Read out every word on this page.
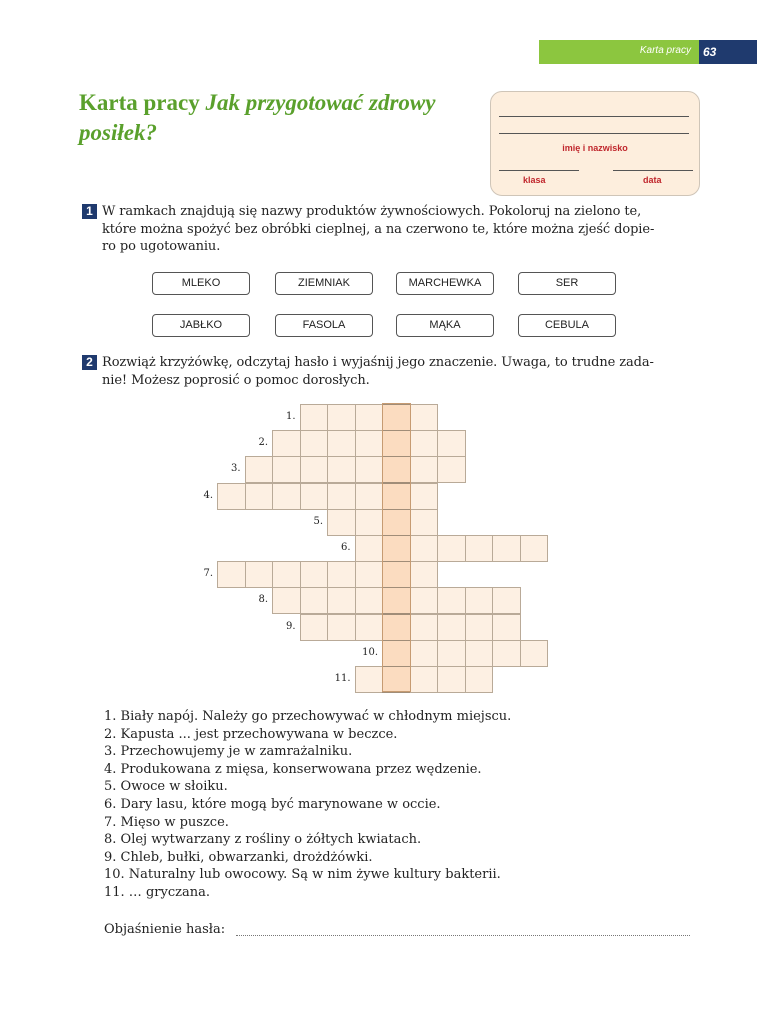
Karta pracy	63
Karta pracy Jak przygotować zdrowy posiłek?
imię i nazwisko
klasa	data
1 W ramkach znajdują się nazwy produktów żywnościowych. Pokoloruj na zielono te,
które można spożyć bez obróbki cieplnej, a na czerwono te, które można zjeść dopie-
ro po ugotowaniu.
MLEKO	ZIEMNIAK	MARCHEWKA	SER
JABŁKO	FASOLA	MĄKA	CEBULA
2 Rozwiąż krzyżówkę, odczytaj hasło i wyjaśnij jego znaczenie. Uwaga, to trudne zada-
nie! Możesz poprosić o pomoc dorosłych.
1.
2.
3.
4.
5.
6.
7.
8.
9.
10.
11.
1. Biały napój. Należy go przechowywać w chłodnym miejscu.
2. Kapusta ... jest przechowywana w beczce.
3. Przechowujemy je w zamrażalniku.
4. Produkowana z mięsa, konserwowana przez wędzenie.
5. Owoce w słoiku.
6. Dary lasu, które mogą być marynowane w occie.
7. Mięso w puszce.
8. Olej wytwarzany z rośliny o żółtych kwiatach.
9. Chleb, bułki, obwarzanki, drożdżówki.
10. Naturalny lub owocowy. Są w nim żywe kultury bakterii.
11. … gryczana.
Objaśnienie hasła:
